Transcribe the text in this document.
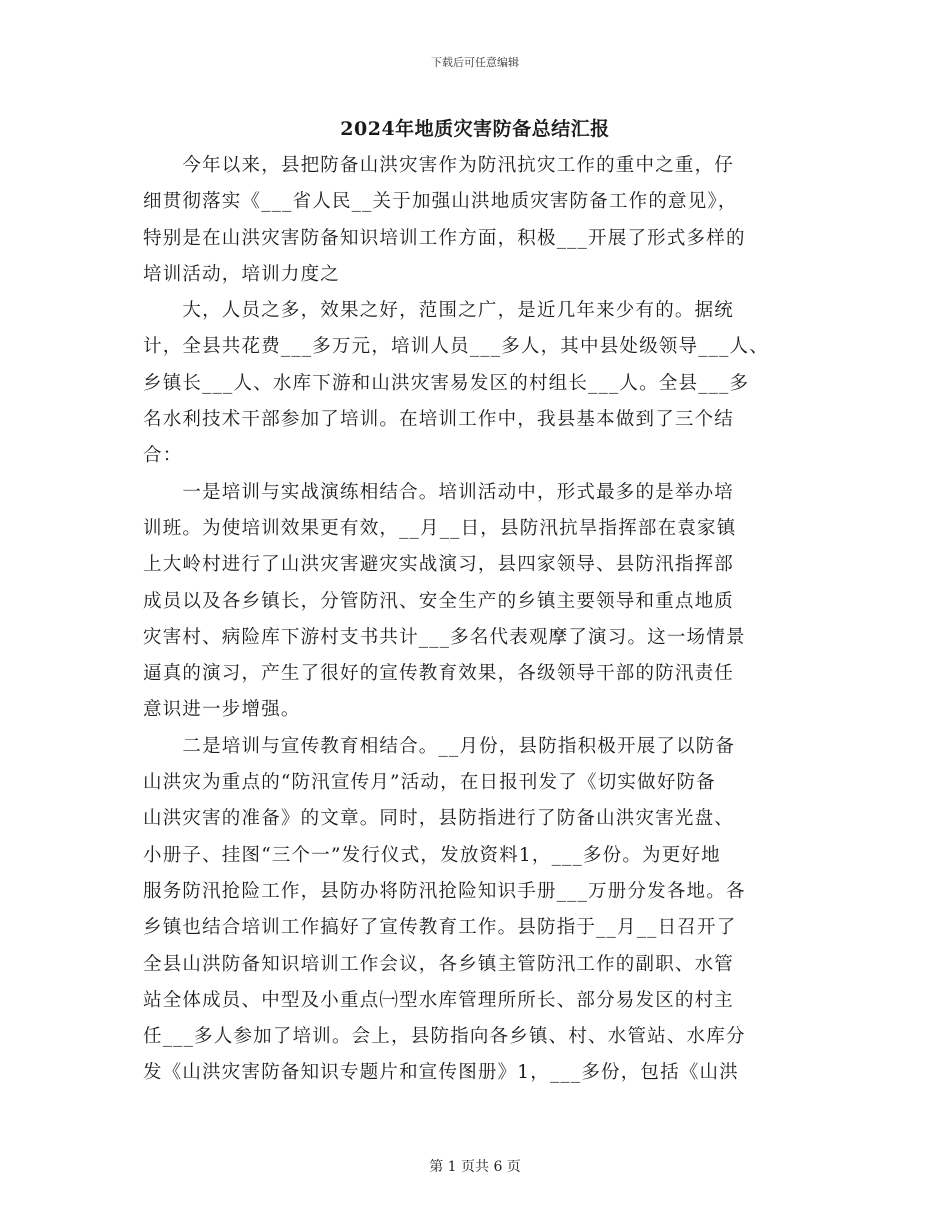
下载后可任意编辑
2024年地质灾害防备总结汇报
　　今年以来，县把防备山洪灾害作为防汛抗灾工作的重中之重，仔
细贯彻落实《___省人民__关于加强山洪地质灾害防备工作的意见》，
特别是在山洪灾害防备知识培训工作方面，积极___开展了形式多样的
培训活动，培训力度之
　　大，人员之多，效果之好，范围之广，是近几年来少有的。据统
计，全县共花费___多万元，培训人员___多人，其中县处级领导___人、
乡镇长___人、水库下游和山洪灾害易发区的村组长___人。全县___多
名水利技术干部参加了培训。在培训工作中，我县基本做到了三个结
合：
　　一是培训与实战演练相结合。培训活动中，形式最多的是举办培
训班。为使培训效果更有效，__月__日，县防汛抗旱指挥部在袁家镇
上大岭村进行了山洪灾害避灾实战演习，县四家领导、县防汛指挥部
成员以及各乡镇长，分管防汛、安全生产的乡镇主要领导和重点地质
灾害村、病险库下游村支书共计___多名代表观摩了演习。这一场情景
逼真的演习，产生了很好的宣传教育效果，各级领导干部的防汛责任
意识进一步增强。
　　二是培训与宣传教育相结合。__月份，县防指积极开展了以防备
山洪灾为重点的“防汛宣传月”活动，在日报刊发了《切实做好防备
山洪灾害的准备》的文章。同时，县防指进行了防备山洪灾害光盘、
小册子、挂图“三个一”发行仪式，发放资料1，___多份。为更好地
服务防汛抢险工作，县防办将防汛抢险知识手册___万册分发各地。各
乡镇也结合培训工作搞好了宣传教育工作。县防指于__月__日召开了
全县山洪防备知识培训工作会议，各乡镇主管防汛工作的副职、水管
站全体成员、中型及小重点㈠型水库管理所所长、部分易发区的村主
任___多人参加了培训。会上，县防指向各乡镇、村、水管站、水库分
发《山洪灾害防备知识专题片和宣传图册》1，___多份，包括《山洪
第 1 页共 6 页
